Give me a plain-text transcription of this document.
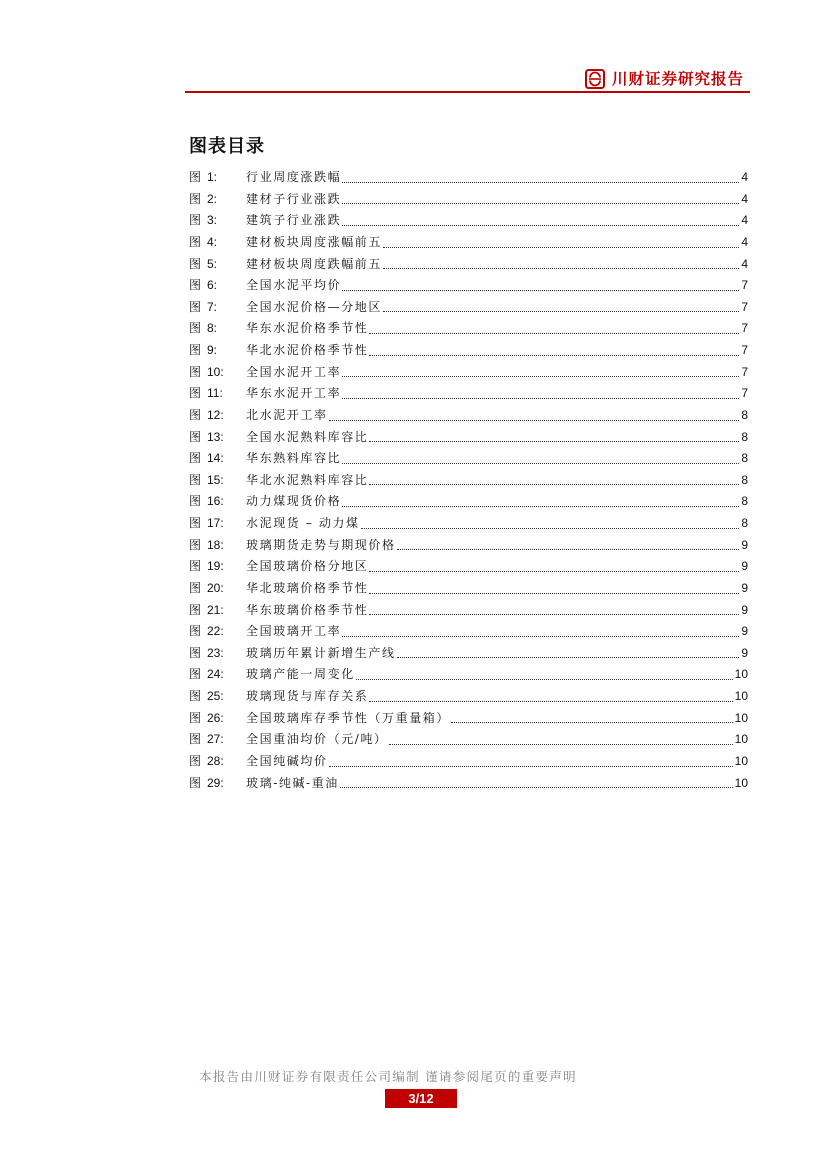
川财证券研究报告
图表目录
图 1:	行业周度涨跌幅	4
图 2:	建材子行业涨跌	4
图 3:	建筑子行业涨跌	4
图 4:	建材板块周度涨幅前五	4
图 5:	建材板块周度跌幅前五	4
图 6:	全国水泥平均价	7
图 7:	全国水泥价格—分地区	7
图 8:	华东水泥价格季节性	7
图 9:	华北水泥价格季节性	7
图 10:	全国水泥开工率	7
图 11:	华东水泥开工率	7
图 12:	北水泥开工率	8
图 13:	全国水泥熟料库容比	8
图 14:	华东熟料库容比	8
图 15:	华北水泥熟料库容比	8
图 16:	动力煤现货价格	8
图 17:	水泥现货 – 动力煤	8
图 18:	玻璃期货走势与期现价格	9
图 19:	全国玻璃价格分地区	9
图 20:	华北玻璃价格季节性	9
图 21:	华东玻璃价格季节性	9
图 22:	全国玻璃开工率	9
图 23:	玻璃历年累计新增生产线	9
图 24:	玻璃产能一周变化	10
图 25:	玻璃现货与库存关系	10
图 26:	全国玻璃库存季节性（万重量箱）	10
图 27:	全国重油均价（元/吨）	10
图 28:	全国纯碱均价	10
图 29:	玻璃-纯碱-重油	10
本报告由川财证券有限责任公司编制 谨请参阅尾页的重要声明
3/12
